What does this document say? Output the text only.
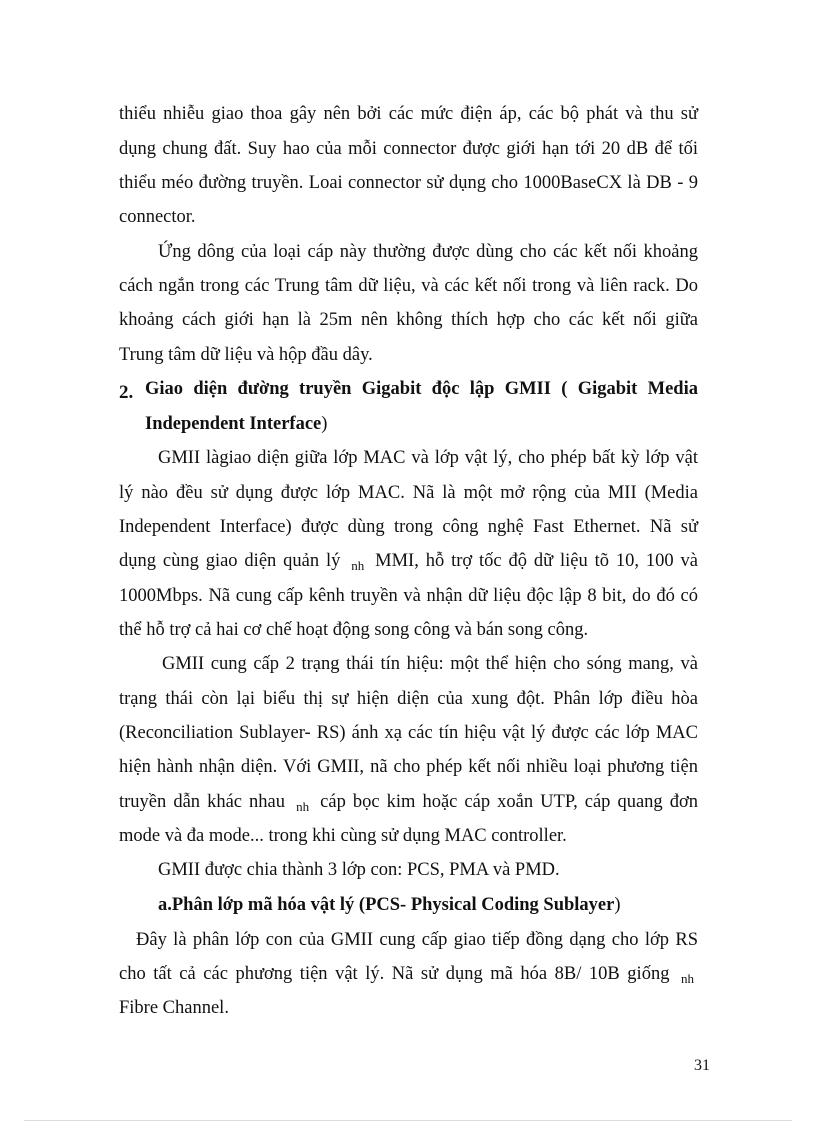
thiểu nhiễu giao thoa gây nên bởi các mức điện áp, các bộ phát và thu sử
dụng chung đất. Suy hao của mỗi connector được giới hạn tới 20 dB để tối
thiểu méo đường truyền. Loai connector sử dụng cho 1000BaseCX là DB - 9
connector.
Ứng dông của loại cáp này thường được dùng cho các kết nối khoảng
cách ngắn trong các Trung tâm dữ liệu, và các kết nối trong và liên rack. Do
khoảng cách giới hạn là 25m nên không thích hợp cho các kết nối giữa
Trung tâm dữ liệu và hộp đầu dây.
2. Giao diện đường truyền Gigabit độc lập GMII ( Gigabit Media
Independent Interface)
GMII làgiao diện giữa lớp MAC và lớp vật lý, cho phép bất kỳ lớp vật
lý nào đều sử dụng được lớp MAC. Nã là một mở rộng của MII (Media
Independent Interface) được dùng trong công nghệ Fast Ethernet. Nã sử
dụng cùng giao diện quản lý $_{nh}$ MMI, hỗ trợ tốc độ dữ liệu tõ 10, 100 và
1000Mbps. Nã cung cấp kênh truyền và nhận dữ liệu độc lập 8 bit, do đó có
thể hỗ trợ cả hai cơ chế hoạt động song công và bán song công.
GMII cung cấp 2 trạng thái tín hiệu: một thể hiện cho sóng mang, và
trạng thái còn lại biểu thị sự hiện diện của xung đột. Phân lớp điều hòa
(Reconciliation Sublayer- RS) ánh xạ các tín hiệu vật lý được các lớp MAC
hiện hành nhận diện. Với GMII, nã cho phép kết nối nhiều loại phương tiện
truyền dẫn khác nhau $_{nh}$ cáp bọc kim hoặc cáp xoắn UTP, cáp quang đơn
mode và đa mode... trong khi cùng sử dụng MAC controller.
GMII được chia thành 3 lớp con: PCS, PMA và PMD.
a.Phân lớp mã hóa vật lý (PCS- Physical Coding Sublayer)
Đây là phân lớp con của GMII cung cấp giao tiếp đồng dạng cho lớp RS
cho tất cả các phương tiện vật lý. Nã sử dụng mã hóa 8B/ 10B giống $_{nh}$
Fibre Channel.
31
